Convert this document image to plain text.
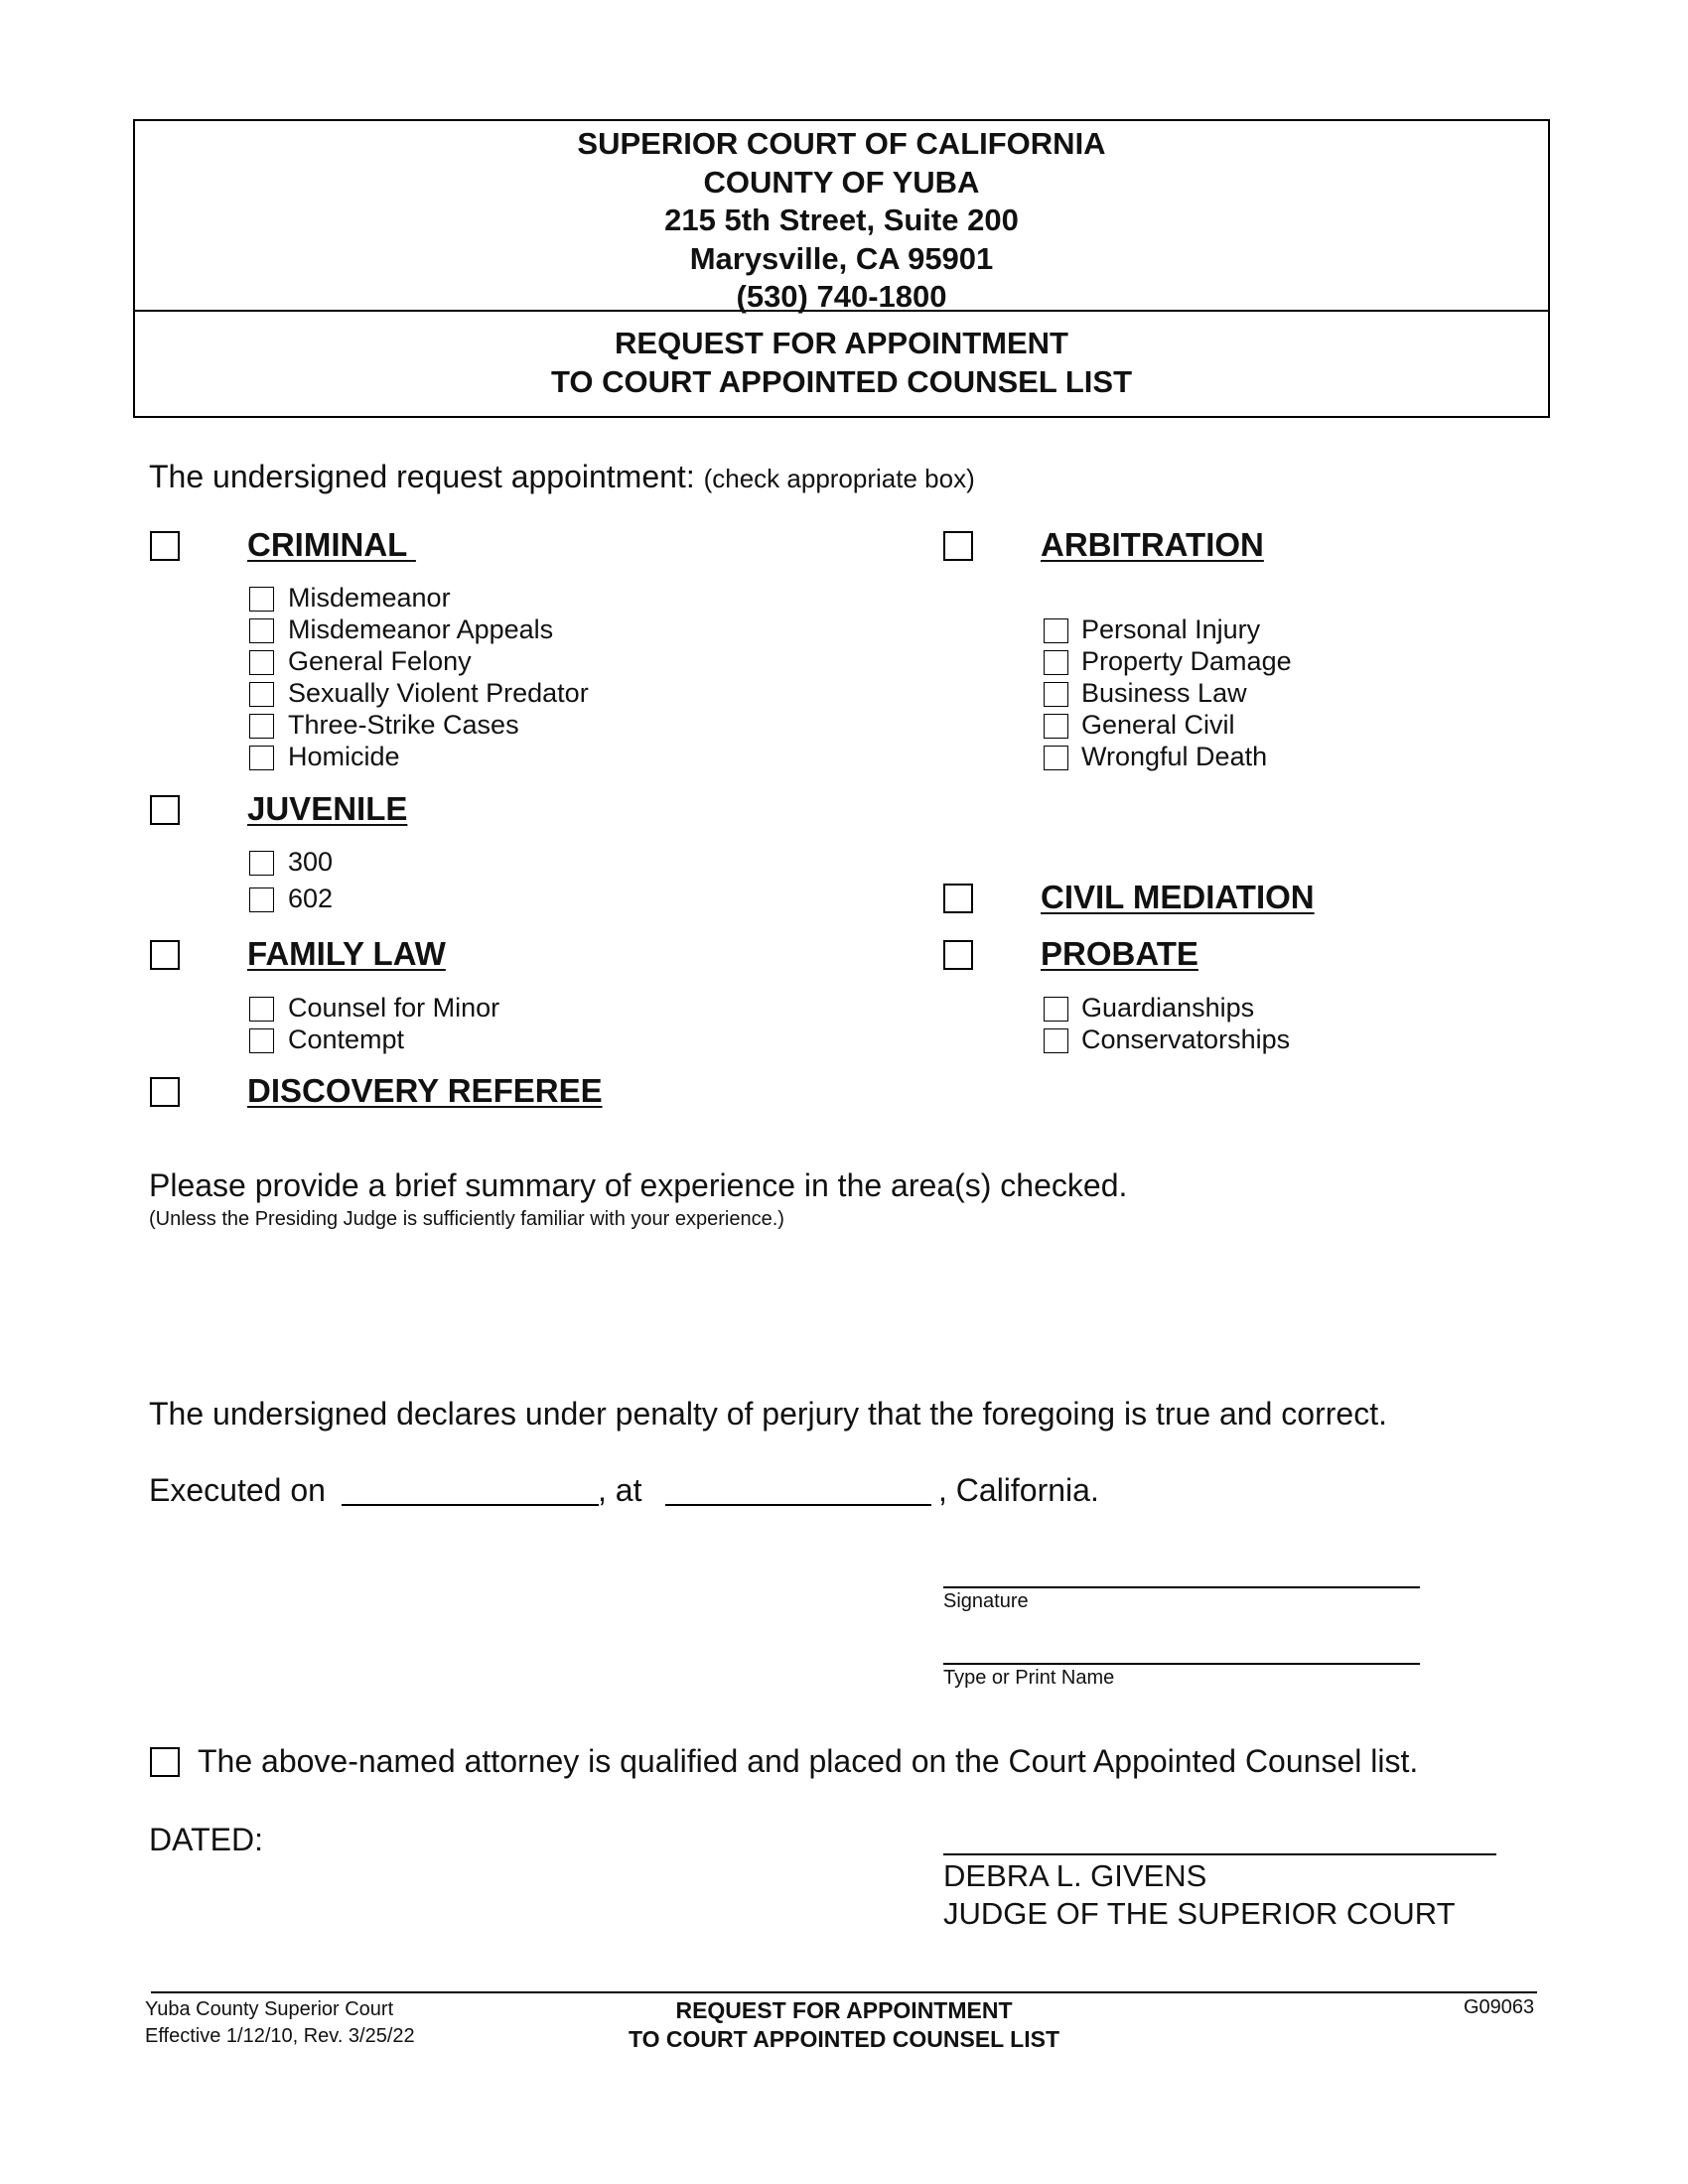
SUPERIOR COURT OF CALIFORNIA
COUNTY OF YUBA
215 5th Street, Suite 200
Marysville, CA 95901
(530) 740-1800
REQUEST FOR APPOINTMENT
TO COURT APPOINTED COUNSEL LIST
The undersigned request appointment: (check appropriate box)
CRIMINAL
Misdemeanor
Misdemeanor Appeals
General Felony
Sexually Violent Predator
Three-Strike Cases
Homicide
JUVENILE
300
602
FAMILY LAW
Counsel for Minor
Contempt
DISCOVERY REFEREE
ARBITRATION
Personal Injury
Property Damage
Business Law
General Civil
Wrongful Death
CIVIL MEDIATION
PROBATE
Guardianships
Conservatorships
Please provide a brief summary of experience in the area(s) checked.
(Unless the Presiding Judge is sufficiently familiar with your experience.)
The undersigned declares under penalty of perjury that the foregoing is true and correct.
Executed on	, at	, California.
Signature
Type or Print Name
The above-named attorney is qualified and placed on the Court Appointed Counsel list.
DATED:
DEBRA L. GIVENS
JUDGE OF THE SUPERIOR COURT
Yuba County Superior Court
Effective 1/12/10, Rev. 3/25/22
REQUEST FOR APPOINTMENT
TO COURT APPOINTED COUNSEL LIST
G09063
